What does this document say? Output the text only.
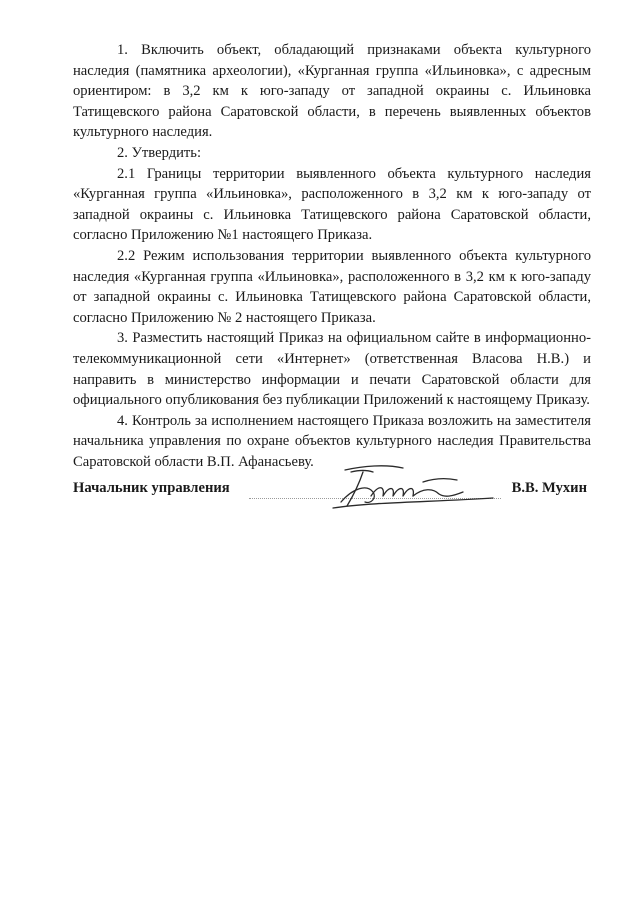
1. Включить объект, обладающий признаками объекта культурного наследия (памятника археологии), «Курганная группа «Ильиновка», с адресным ориентиром: в 3,2 км к юго-западу от западной окраины с. Ильиновка Татищевского района Саратовской области, в перечень выявленных объектов культурного наследия.

2. Утвердить:

2.1 Границы территории выявленного объекта культурного наследия «Курганная группа «Ильиновка», расположенного в 3,2 км к юго-западу от западной окраины с. Ильиновка Татищевского района Саратовской области, согласно Приложению №1 настоящего Приказа.

2.2 Режим использования территории выявленного объекта культурного наследия «Курганная группа «Ильиновка», расположенного в 3,2 км к юго-западу от западной окраины с. Ильиновка Татищевского района Саратовской области, согласно Приложению № 2 настоящего Приказа.

3. Разместить настоящий Приказ на официальном сайте в информационно-телекоммуникационной сети «Интернет» (ответственная Власова Н.В.) и направить в министерство информации и печати Саратовской области для официального опубликования без публикации Приложений к настоящему Приказу.

4. Контроль за исполнением настоящего Приказа возложить на заместителя начальника управления по охране объектов культурного наследия Правительства Саратовской области В.П. Афанасьеву.

Начальник управления	В.В. Мухин
